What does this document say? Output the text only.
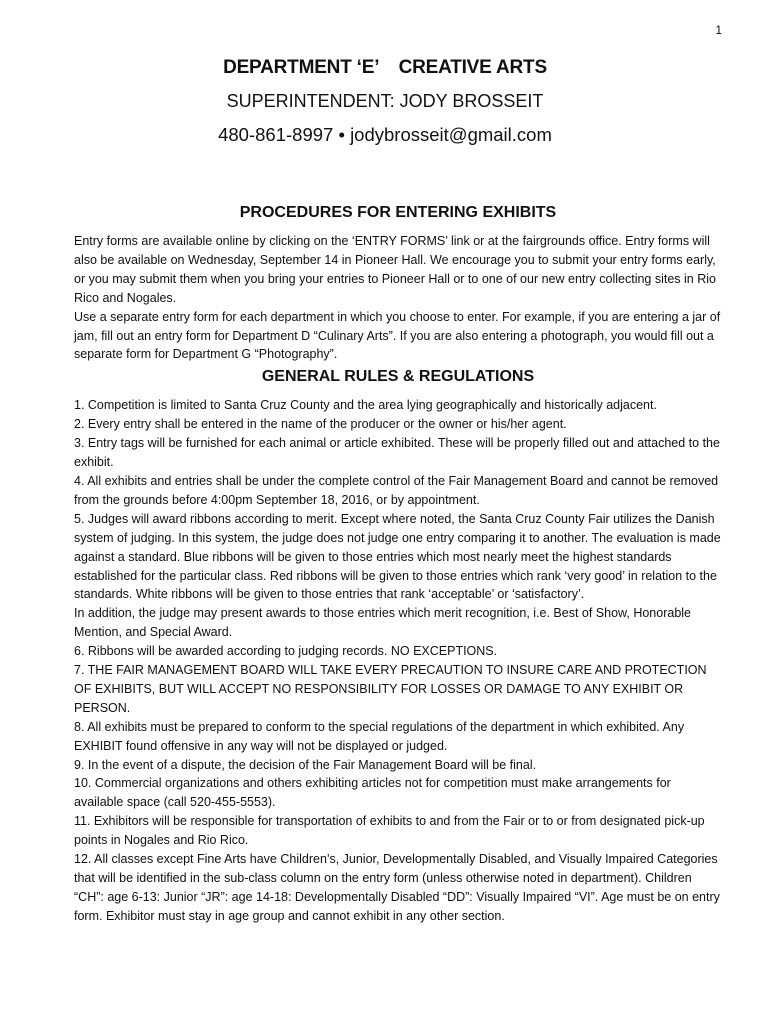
1
DEPARTMENT ‘E’    CREATIVE ARTS
SUPERINTENDENT: JODY BROSSEIT
480-861-8997 • jodybrosseit@gmail.com
PROCEDURES FOR ENTERING EXHIBITS

Entry forms are available online by clicking on the ‘ENTRY FORMS’ link or at the fairgrounds office. Entry forms will also be available on Wednesday, September 14 in Pioneer Hall. We encourage you to submit your entry forms early, or you may submit them when you bring your entries to Pioneer Hall or to one of our new entry collecting sites in Rio Rico and Nogales.

Use a separate entry form for each department in which you choose to enter. For example, if you are entering a jar of jam, fill out an entry form for Department D “Culinary Arts”. If you are also entering a photograph, you would fill out a separate form for Department G “Photography”.

GENERAL RULES & REGULATIONS

1. Competition is limited to Santa Cruz County and the area lying geographically and historically adjacent.

2. Every entry shall be entered in the name of the producer or the owner or his/her agent.

3. Entry tags will be furnished for each animal or article exhibited. These will be properly filled out and attached to the exhibit.

4. All exhibits and entries shall be under the complete control of the Fair Management Board and cannot be removed from the grounds before 4:00pm September 18, 2016, or by appointment.

5. Judges will award ribbons according to merit. Except where noted, the Santa Cruz County Fair utilizes the Danish system of judging. In this system, the judge does not judge one entry comparing it to another. The evaluation is made against a standard. Blue ribbons will be given to those entries which most nearly meet the highest standards established for the particular class. Red ribbons will be given to those entries which rank ‘very good’ in relation to the standards. White ribbons will be given to those entries that rank ‘acceptable’ or ‘satisfactory’.

In addition, the judge may present awards to those entries which merit recognition, i.e. Best of Show, Honorable Mention, and Special Award.

6. Ribbons will be awarded according to judging records. NO EXCEPTIONS.

7. THE FAIR MANAGEMENT BOARD WILL TAKE EVERY PRECAUTION TO INSURE CARE AND PROTECTION OF EXHIBITS, BUT WILL ACCEPT NO RESPONSIBILITY FOR LOSSES OR DAMAGE TO ANY EXHIBIT OR PERSON.

8. All exhibits must be prepared to conform to the special regulations of the department in which exhibited. Any EXHIBIT found offensive in any way will not be displayed or judged.

9. In the event of a dispute, the decision of the Fair Management Board will be final.

10. Commercial organizations and others exhibiting articles not for competition must make arrangements for available space (call 520-455-5553).

11. Exhibitors will be responsible for transportation of exhibits to and from the Fair or to or from designated pick-up points in Nogales and Rio Rico.

12. All classes except Fine Arts have Children’s, Junior, Developmentally Disabled, and Visually Impaired Categories that will be identified in the sub-class column on the entry form (unless otherwise noted in department). Children “CH”: age 6-13: Junior “JR”: age 14-18: Developmentally Disabled “DD”: Visually Impaired “VI”. Age must be on entry form. Exhibitor must stay in age group and cannot exhibit in any other section.
